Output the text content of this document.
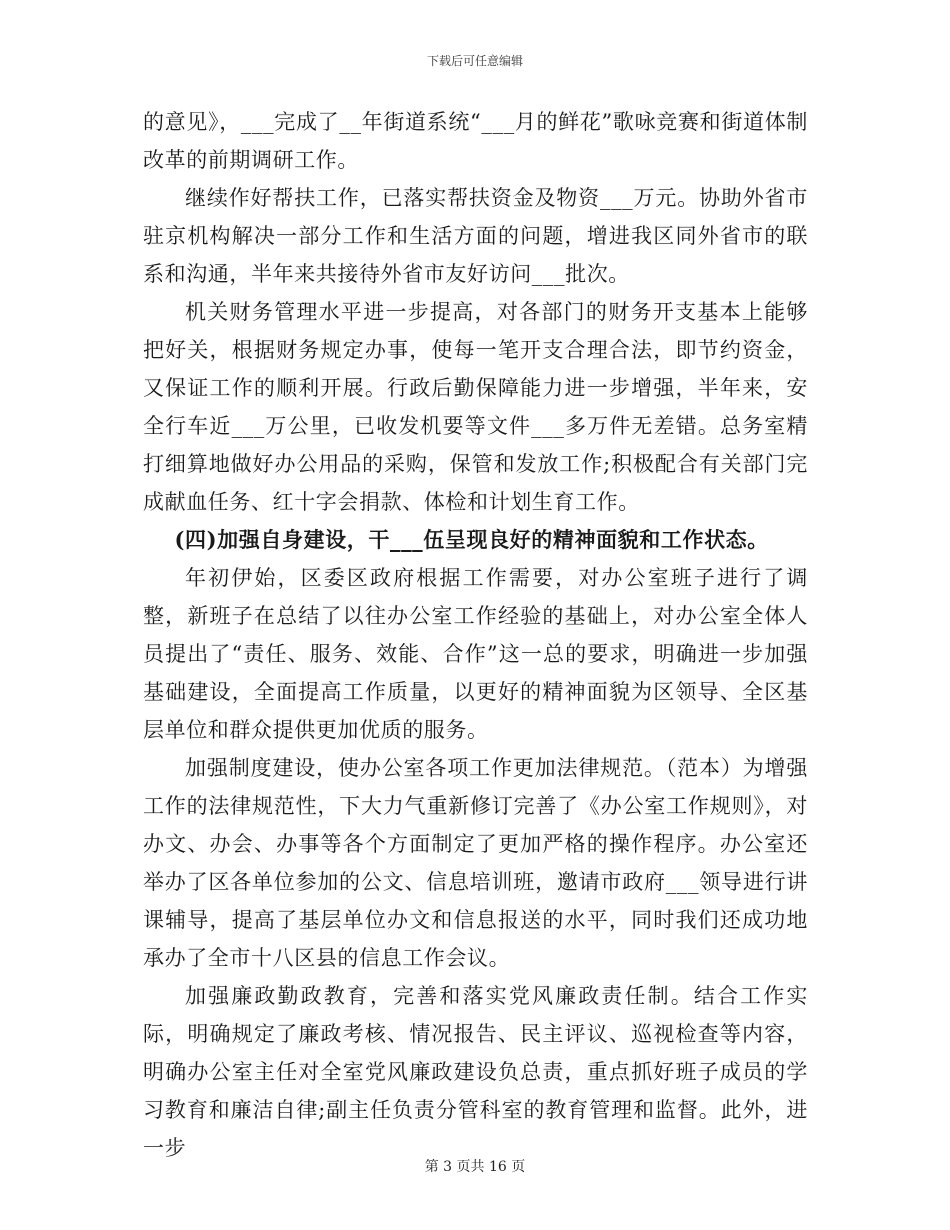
下载后可任意编辑

的意见》，___完成了__年街道系统“___月的鲜花”歌咏竞赛和街道体制改革的前期调研工作。

继续作好帮扶工作，已落实帮扶资金及物资___万元。协助外省市驻京机构解决一部分工作和生活方面的问题，增进我区同外省市的联系和沟通，半年来共接待外省市友好访问___批次。

机关财务管理水平进一步提高，对各部门的财务开支基本上能够把好关，根据财务规定办事，使每一笔开支合理合法，即节约资金，又保证工作的顺利开展。行政后勤保障能力进一步增强，半年来，安全行车近___万公里，已收发机要等文件___多万件无差错。总务室精打细算地做好办公用品的采购，保管和发放工作;积极配合有关部门完成献血任务、红十字会捐款、体检和计划生育工作。

(四)加强自身建设，干___伍呈现良好的精神面貌和工作状态。

年初伊始，区委区政府根据工作需要，对办公室班子进行了调整，新班子在总结了以往办公室工作经验的基础上，对办公室全体人员提出了“责任、服务、效能、合作”这一总的要求，明确进一步加强基础建设，全面提高工作质量，以更好的精神面貌为区领导、全区基层单位和群众提供更加优质的服务。

加强制度建设，使办公室各项工作更加法律规范。（范本）为增强工作的法律规范性，下大力气重新修订完善了《办公室工作规则》，对办文、办会、办事等各个方面制定了更加严格的操作程序。办公室还举办了区各单位参加的公文、信息培训班，邀请市政府___领导进行讲课辅导，提高了基层单位办文和信息报送的水平，同时我们还成功地承办了全市十八区县的信息工作会议。

加强廉政勤政教育，完善和落实党风廉政责任制。结合工作实际，明确规定了廉政考核、情况报告、民主评议、巡视检查等内容，明确办公室主任对全室党风廉政建设负总责，重点抓好班子成员的学习教育和廉洁自律;副主任负责分管科室的教育管理和监督。此外，进一步

第 3 页共 16 页
